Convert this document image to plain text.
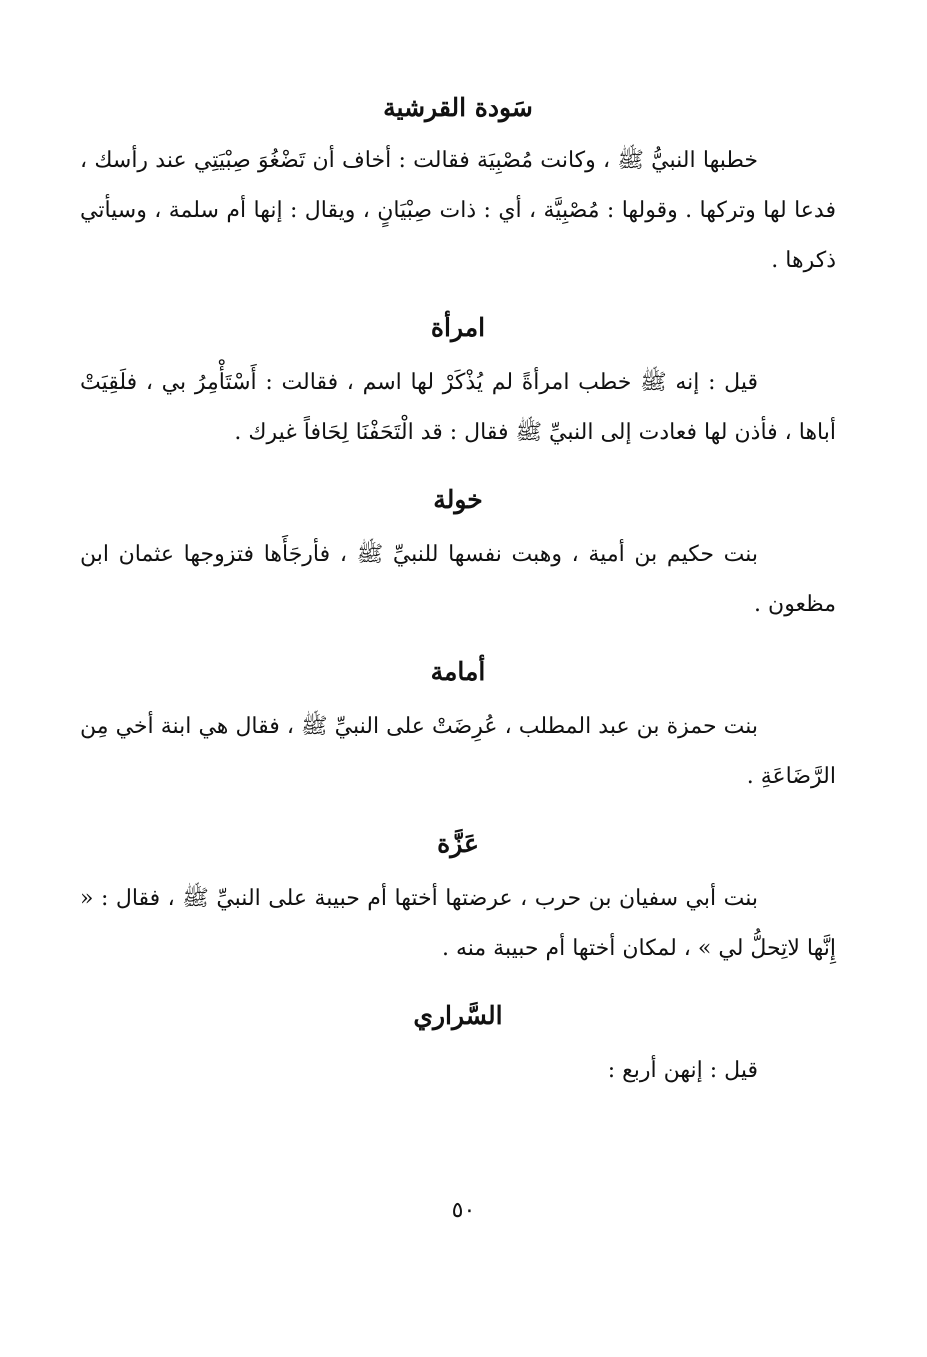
سَودة القرشية

خطبها النبيُّ ﷺ ، وكانت مُصْبِيَة فقالت : أخاف أن تَضْغُوَ صِبْيَتِي عند رأسك ، فدعا لها وتركها . وقولها : مُصْبِيَّة ، أي : ذات صِبْيَانٍ ، ويقال : إنها أم سلمة ، وسيأتي ذكرها .

امرأة

قيل : إنه ﷺ خطب امرأةً لم يُذْكَرْ لها اسم ، فقالت : أَسْتَأْمِرُ بي ، فلَقِيَتْ أباها ، فأذن لها فعادت إلى النبيِّ ﷺ فقال : قد الْتَحَفْنَا لِحَافاً غيرك .

خولة

بنت حكيم بن أمية ، وهبت نفسها للنبيِّ ﷺ ، فأرجَأَها فتزوجها عثمان ابن مظعون .

أمامة

بنت حمزة بن عبد المطلب ، عُرِضَتْ على النبيِّ ﷺ ، فقال هي ابنة أخي مِن الرَّضَاعَةِ .

عَزَّة

بنت أبي سفيان بن حرب ، عرضتها أختها أم حبيبة على النبيِّ ﷺ ، فقال : « إِنَّها لاتِحلُّ لي » ، لمكان أختها أم حبيبة منه .

السَّراري

قيل : إنهن أربع :

٥٠
